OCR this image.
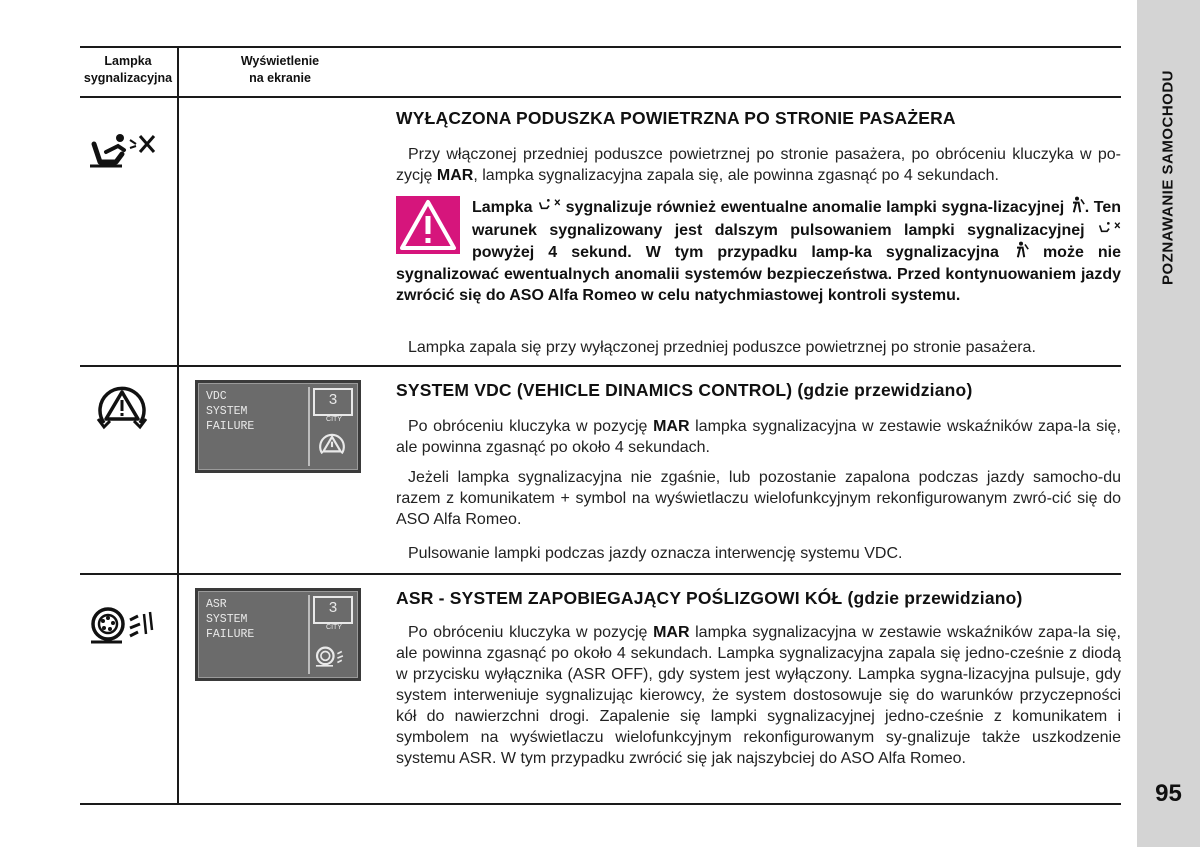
POZNAWANIE SAMOCHODU
95
Lampka
sygnalizacyjna
Wyświetlenie
na ekranie
WYŁĄCZONA PODUSZKA POWIETRZNA PO STRONIE PASAŻERA
Przy włączonej przedniej poduszce powietrznej po stronie pasażera, po obróceniu kluczyka w po-zycję MAR, lampka sygnalizacyjna zapala się, ale powinna zgasnąć po 4 sekundach.
Lampka  sygnalizuje również ewentualne anomalie lampki sygna-lizacyjnej . Ten warunek sygnalizowany jest dalszym pulsowaniem lampki sygnalizacyjnej  powyżej 4 sekund. W tym przypadku lamp-ka sygnalizacyjna  może nie sygnalizować ewentualnych anomalii systemów bezpieczeństwa. Przed kontynuowaniem jazdy zwrócić się do ASO Alfa Romeo w celu natychmiastowej kontroli systemu.
Lampka zapala się przy wyłączonej przedniej poduszce powietrznej po stronie pasażera.
VDC
SYSTEM
FAILURE
3
CITY
SYSTEM VDC (VEHICLE DINAMICS CONTROL) (gdzie przewidziano)
Po obróceniu kluczyka w pozycję MAR lampka sygnalizacyjna w zestawie wskaźników zapa-la się, ale powinna zgasnąć po około 4 sekundach.
Jeżeli lampka sygnalizacyjna nie zgaśnie, lub pozostanie zapalona podczas jazdy samocho-du razem z komunikatem + symbol na wyświetlaczu wielofunkcyjnym rekonfigurowanym zwró-cić się do ASO Alfa Romeo.
Pulsowanie lampki podczas jazdy oznacza interwencję systemu VDC.
ASR
SYSTEM
FAILURE
3
CITY
ASR - SYSTEM ZAPOBIEGAJĄCY POŚLIZGOWI KÓŁ (gdzie przewidziano)
Po obróceniu kluczyka w pozycję MAR lampka sygnalizacyjna w zestawie wskaźników zapa-la się, ale powinna zgasnąć po około 4 sekundach. Lampka sygnalizacyjna zapala się jedno-cześnie z diodą w przycisku wyłącznika (ASR OFF), gdy system jest wyłączony. Lampka sygna-lizacyjna pulsuje, gdy system interweniuje sygnalizując kierowcy, że system dostosowuje się do warunków przyczepności kół do nawierzchni drogi. Zapalenie się lampki sygnalizacyjnej jedno-cześnie z komunikatem i symbolem na wyświetlaczu wielofunkcyjnym rekonfigurowanym sy-gnalizuje także uszkodzenie systemu ASR. W tym przypadku zwrócić się jak najszybciej do ASO Alfa Romeo.
